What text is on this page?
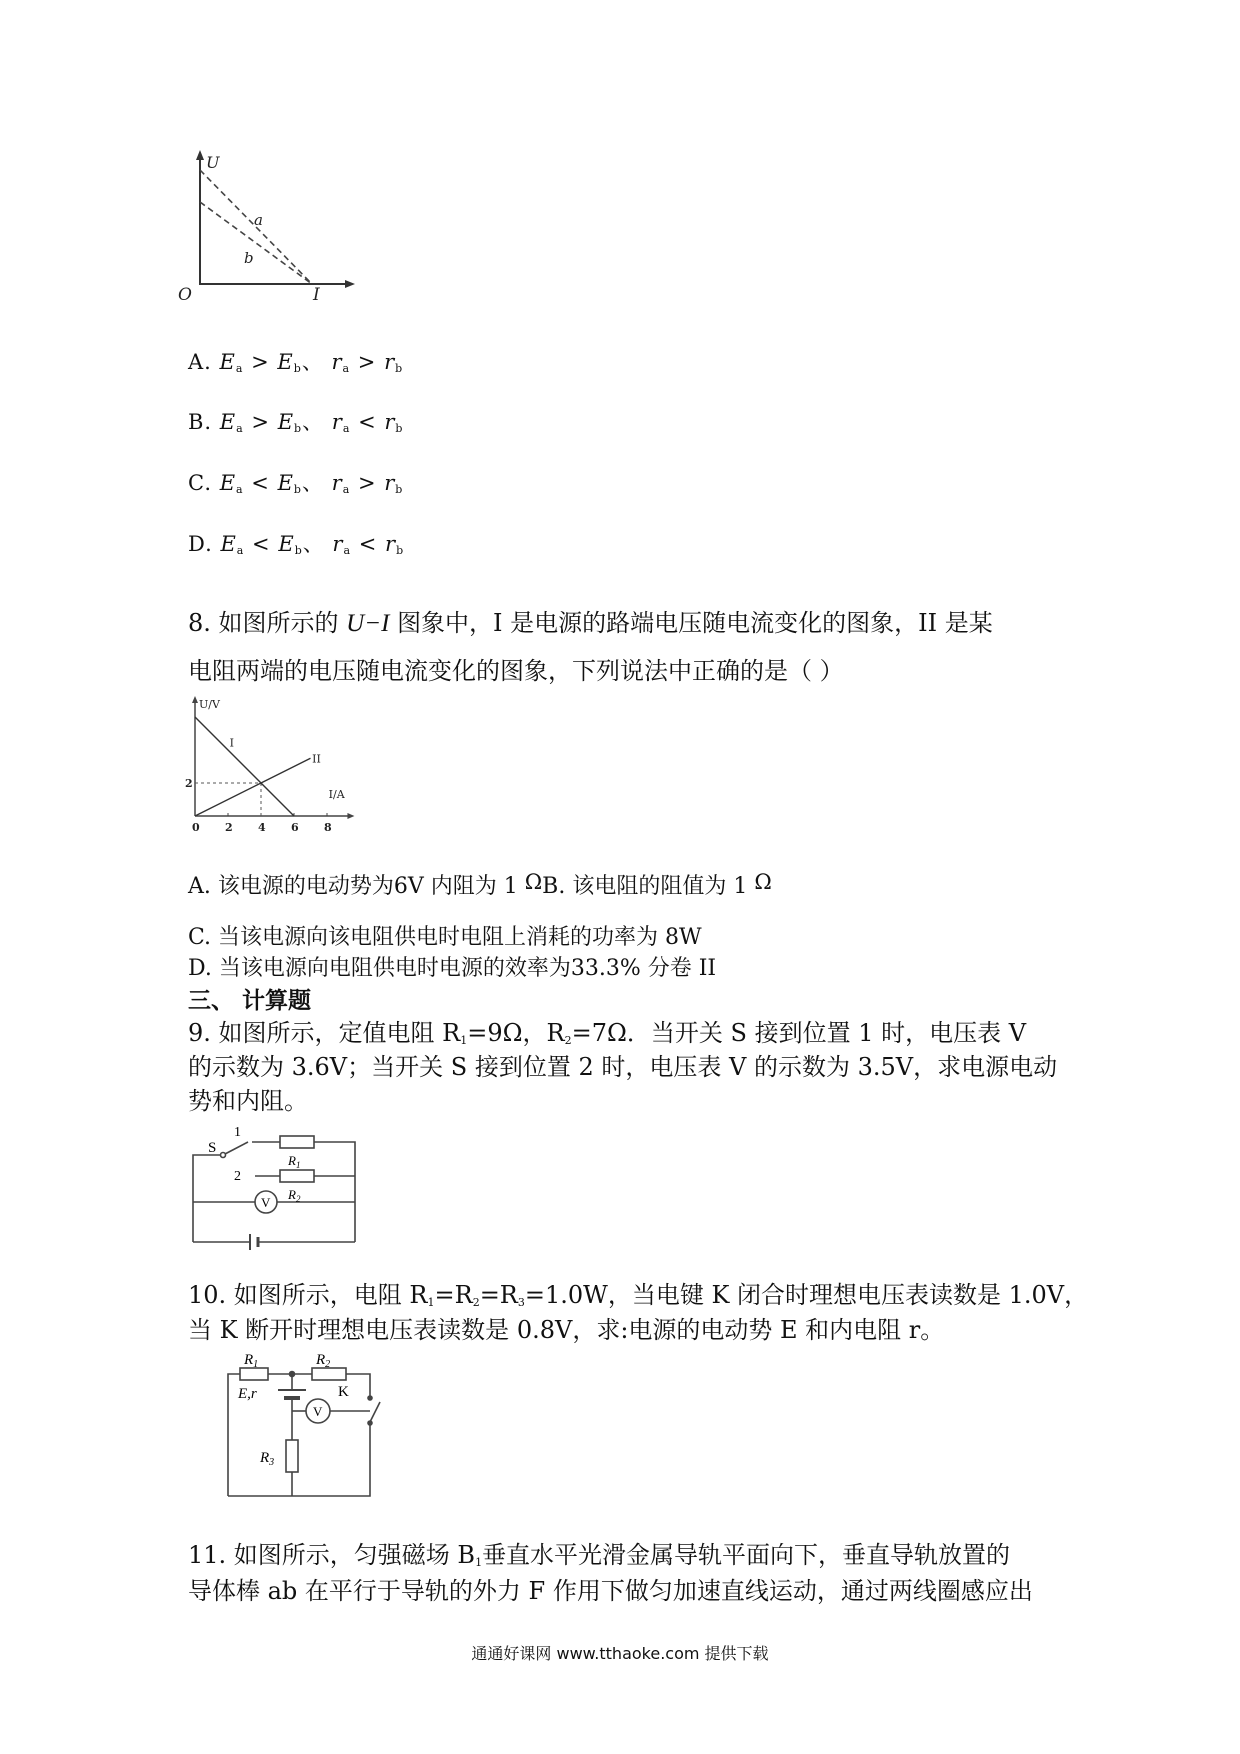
U
O	I
a
b
A. $E_a > E_b$、 $r_a > r_b$
B. $E_a > E_b$、 $r_a < r_b$
C. $E_a < E_b$、 $r_a > r_b$
D. $E_a < E_b$、 $r_a < r_b$
8. 如图所示的 U−I 图象中，I 是电源的路端电压随电流变化的图象，II 是某
电阻两端的电压随电流变化的图象，下列说法中正确的是（ ）
U/V
I/A
0 2 4 6 8
2
I
II
A. 该电源的电动势为6V 内阻为 1 ΩB. 该电阻的阻值为 1 Ω
C. 当该电源向该电阻供电时电阻上消耗的功率为 8W
D. 当该电源向电阻供电时电源的效率为33.3% 分卷 II
三、 计算题
9. 如图所示，定值电阻 $R_1=9\Omega$，$R_2=7\Omega$．当开关 S 接到位置 1 时，电压表 V
的示数为 3.6V；当开关 S 接到位置 2 时，电压表 V 的示数为 3.5V，求电源电动
势和内阻。
S
1
2
$R_1$
$R_2$
V
10. 如图所示，电阻 $R_1=R_2=R_3=1.0W$，当电键 K 闭合时理想电压表读数是 1.0V，
当 K 断开时理想电压表读数是 0.8V，求:电源的电动势 E 和内电阻 r。
$R_1$	$R_2$
E,r	K
V
$R_3$
11. 如图所示，匀强磁场 $B_1$垂直水平光滑金属导轨平面向下，垂直导轨放置的
导体棒 ab 在平行于导轨的外力 F 作用下做匀加速直线运动，通过两线圈感应出
通通好课网 www.tthaoke.com 提供下载
